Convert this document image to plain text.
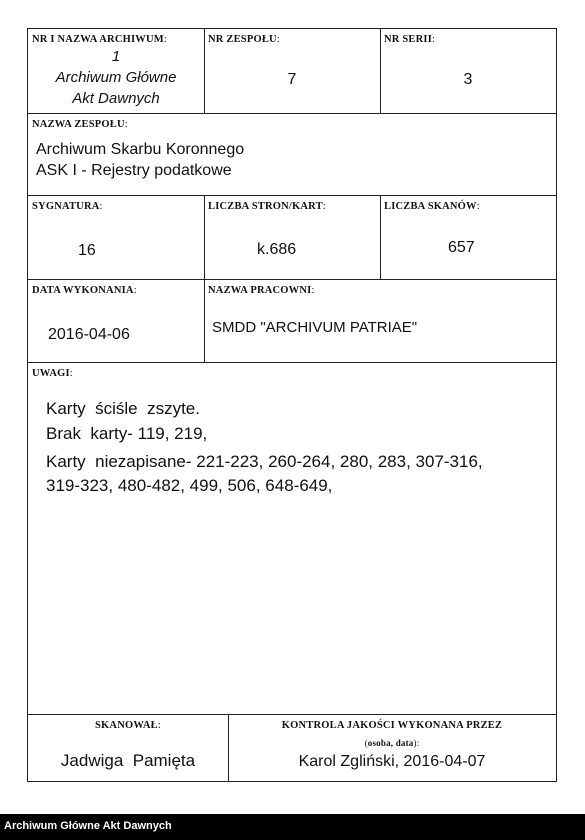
NR I NAZWA ARCHIWUM:
1
Archiwum Główne
Akt Dawnych
NR ZESPOŁU:
7
NR SERII:
3
NAZWA ZESPOŁU:
Archiwum Skarbu Koronnego
ASK I - Rejestry podatkowe
SYGNATURA:
16
LICZBA STRON/KART:
k.686
LICZBA SKANÓW:
657
DATA WYKONANIA:
2016-04-06
NAZWA PRACOWNI:
SMDD "ARCHIVUM PATRIAE"
UWAGI:
Karty  ściśle  zszyte.
Brak  karty- 119, 219,
Karty  niezapisane- 221-223, 260-264, 280, 283, 307-316,
319-323, 480-482, 499, 506, 648-649,
SKANOWAŁ:
Jadwiga  Pamięta
KONTROLA JAKOŚCI WYKONANA PRZEZ
(osoba, data):
Karol Zgliński, 2016-04-07
Archiwum Główne Akt Dawnych
